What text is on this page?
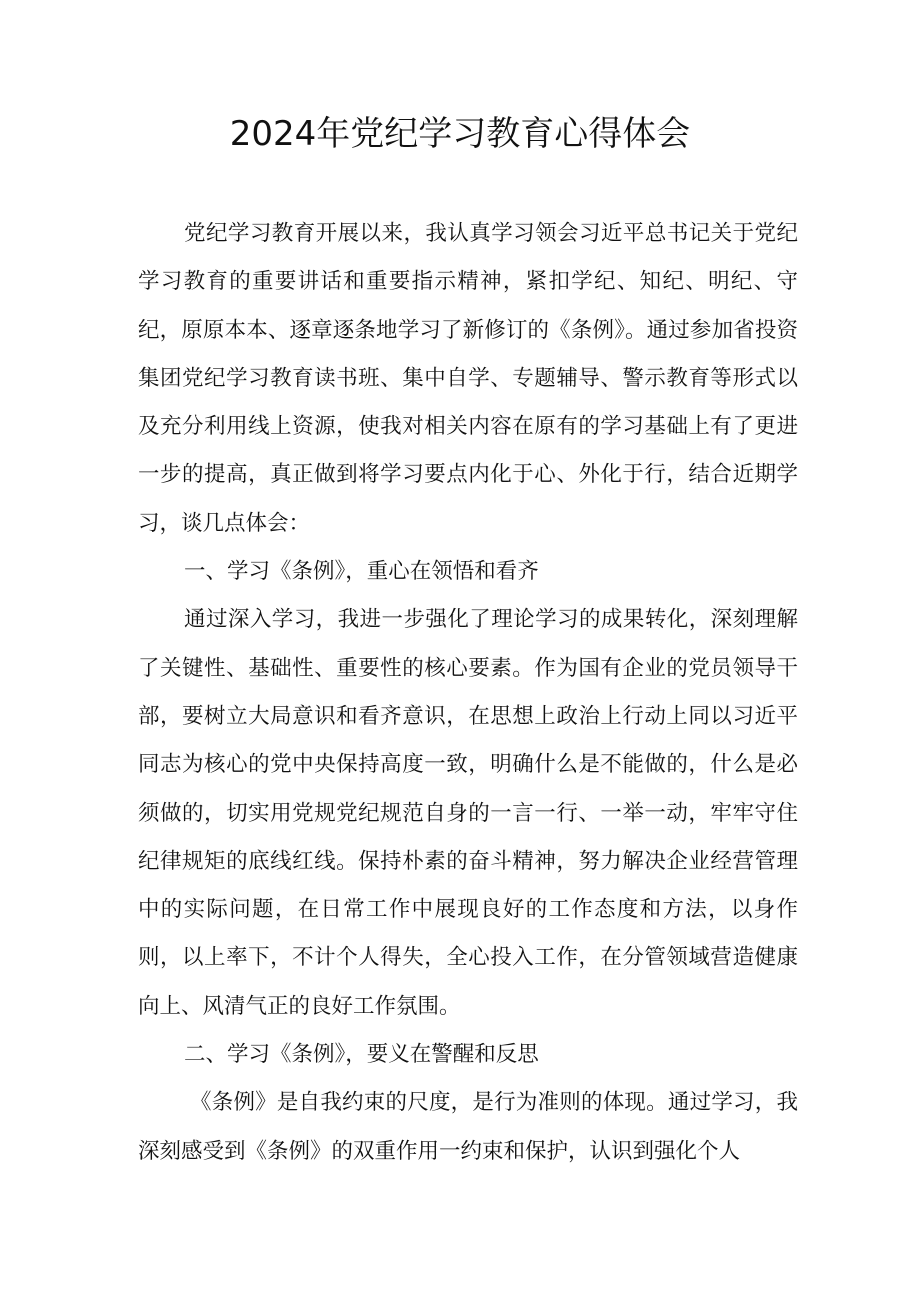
2024年党纪学习教育心得体会

党纪学习教育开展以来，我认真学习领会习近平总书记关于党纪学习教育的重要讲话和重要指示精神，紧扣学纪、知纪、明纪、守纪，原原本本、逐章逐条地学习了新修订的《条例》。通过参加省投资集团党纪学习教育读书班、集中自学、专题辅导、警示教育等形式以及充分利用线上资源，使我对相关内容在原有的学习基础上有了更进一步的提高，真正做到将学习要点内化于心、外化于行，结合近期学习，谈几点体会：

一、学习《条例》，重心在领悟和看齐

通过深入学习，我进一步强化了理论学习的成果转化，深刻理解了关键性、基础性、重要性的核心要素。作为国有企业的党员领导干部，要树立大局意识和看齐意识，在思想上政治上行动上同以习近平同志为核心的党中央保持高度一致，明确什么是不能做的，什么是必须做的，切实用党规党纪规范自身的一言一行、一举一动，牢牢守住纪律规矩的底线红线。保持朴素的奋斗精神，努力解决企业经营管理中的实际问题，在日常工作中展现良好的工作态度和方法，以身作则，以上率下，不计个人得失，全心投入工作，在分管领域营造健康向上、风清气正的良好工作氛围。

二、学习《条例》，要义在警醒和反思

《条例》是自我约束的尺度，是行为准则的体现。通过学习，我深刻感受到《条例》的双重作用一约束和保护，认识到强化个人
